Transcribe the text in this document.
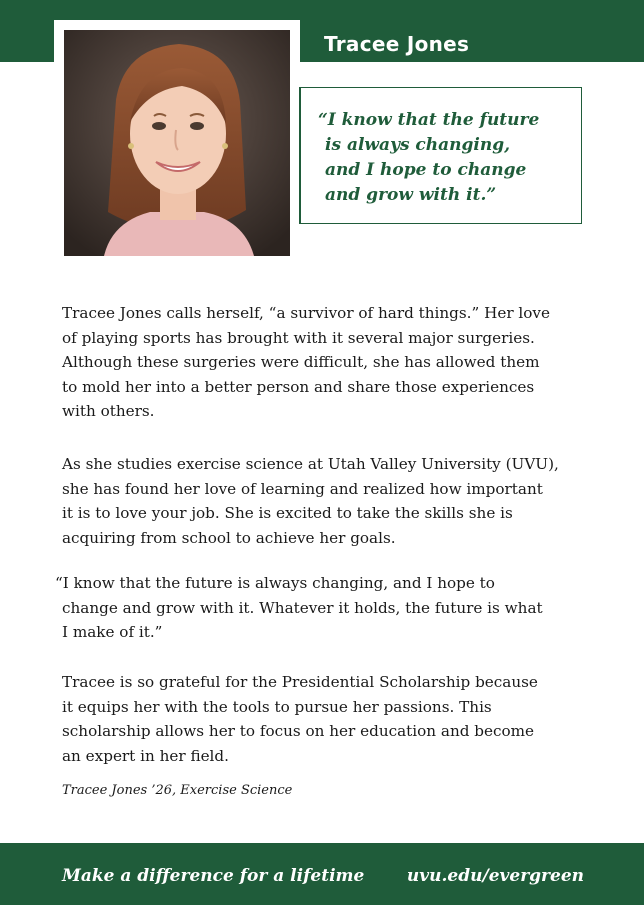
Tracee Jones
“I know that the future
is always changing,
and I hope to change
and grow with it.”
Tracee Jones calls herself, “a survivor of hard things.” Her love
of playing sports has brought with it several major surgeries.
Although these surgeries were difficult, she has allowed them
to mold her into a better person and share those experiences
with others.
As she studies exercise science at Utah Valley University (UVU),
she has found her love of learning and realized how important
it is to love your job. She is excited to take the skills she is
acquiring from school to achieve her goals.
“I know that the future is always changing, and I hope to
change and grow with it. Whatever it holds, the future is what
I make of it.”
Tracee is so grateful for the Presidential Scholarship because
it equips her with the tools to pursue her passions. This
scholarship allows her to focus on her education and become
an expert in her field.
Tracee Jones ’26, Exercise Science
Make a difference for a lifetime	uvu.edu/evergreen
